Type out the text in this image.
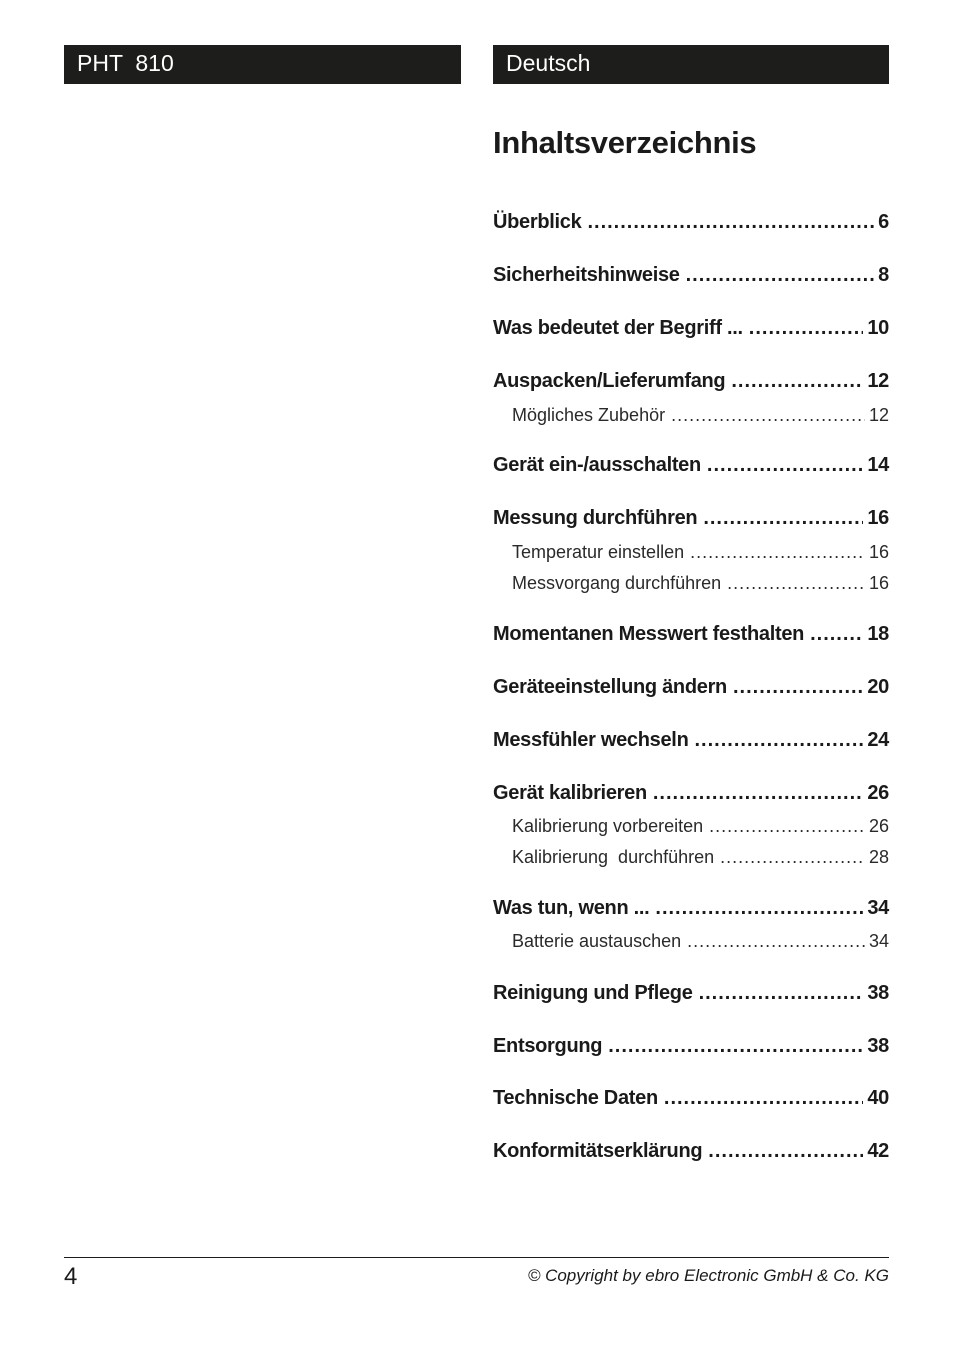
PHT  810	Deutsch
Inhaltsverzeichnis
Überblick .....	6
Sicherheitshinweise .....	8
Was bedeutet der Begriff ... .....	10
Auspacken/Lieferumfang .....	12
Mögliches Zubehör .....	12
Gerät ein-/ausschalten .....	14
Messung durchführen .....	16
Temperatur einstellen .....	16
Messvorgang durchführen .....	16
Momentanen Messwert festhalten .....	18
Geräteeinstellung ändern .....	20
Messfühler wechseln .....	24
Gerät kalibrieren .....	26
Kalibrierung vorbereiten .....	26
Kalibrierung  durchführen .....	28
Was tun, wenn ... .....	34
Batterie austauschen .....	34
Reinigung und Pflege .....	38
Entsorgung .....	38
Technische Daten .....	40
Konformitätserklärung .....	42
4	© Copyright by ebro Electronic GmbH & Co. KG
